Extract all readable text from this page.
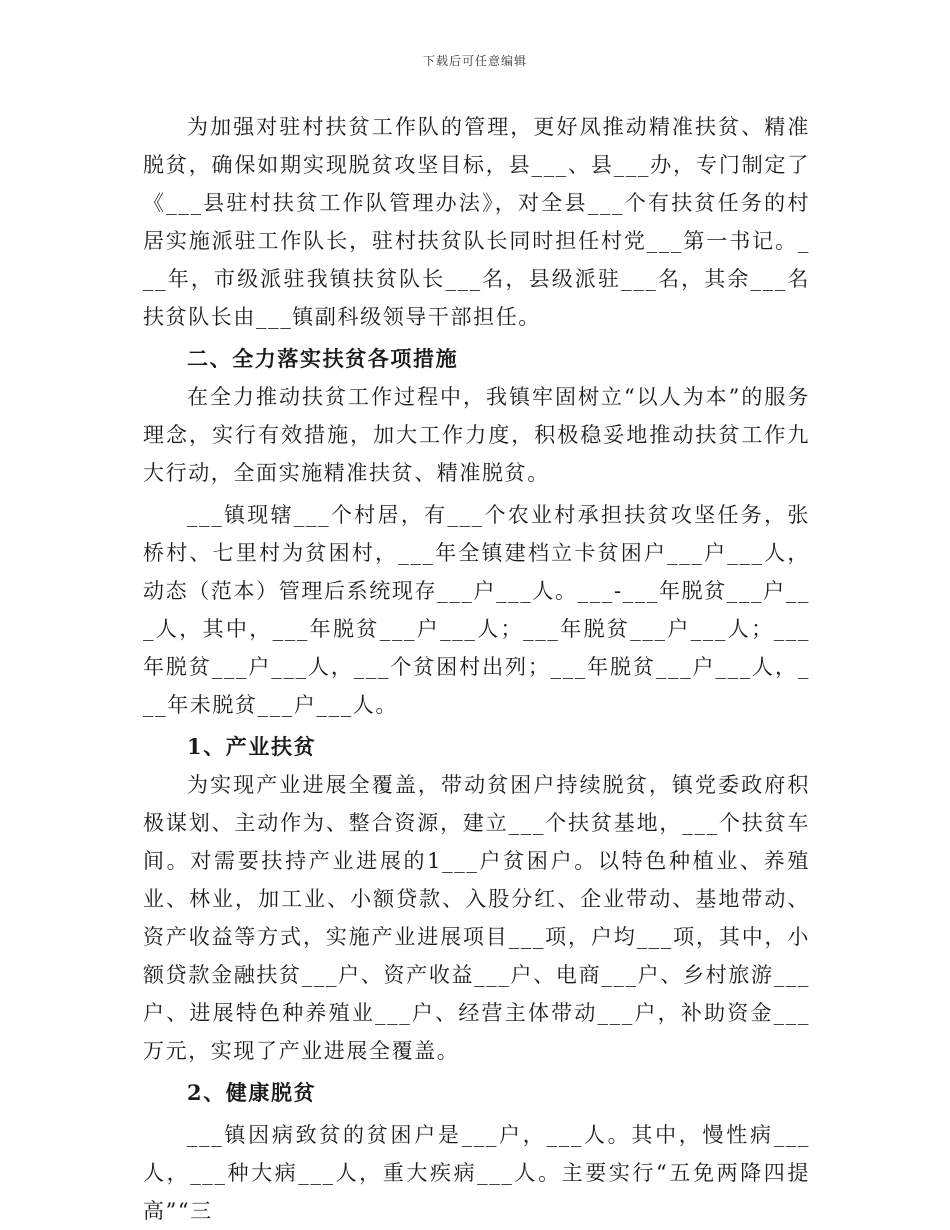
下载后可任意编辑

为加强对驻村扶贫工作队的管理，更好凤推动精准扶贫、精准脱贫，确保如期实现脱贫攻坚目标，县___、县___办，专门制定了《___县驻村扶贫工作队管理办法》，对全县___个有扶贫任务的村居实施派驻工作队长，驻村扶贫队长同时担任村党___第一书记。___年，市级派驻我镇扶贫队长___名，县级派驻___名，其余___名扶贫队长由___镇副科级领导干部担任。

二、全力落实扶贫各项措施

在全力推动扶贫工作过程中，我镇牢固树立“以人为本”的服务理念，实行有效措施，加大工作力度，积极稳妥地推动扶贫工作九大行动，全面实施精准扶贫、精准脱贫。

___镇现辖___个村居，有___个农业村承担扶贫攻坚任务，张桥村、七里村为贫困村，___年全镇建档立卡贫困户___户___人，动态（范本）管理后系统现存___户___人。___-___年脱贫___户___人，其中，___年脱贫___户___人；___年脱贫___户___人；___年脱贫___户___人，___个贫困村出列；___年脱贫___户___人，___年未脱贫___户___人。

1、产业扶贫

为实现产业进展全覆盖，带动贫困户持续脱贫，镇党委政府积极谋划、主动作为、整合资源，建立___个扶贫基地，___个扶贫车间。对需要扶持产业进展的1___户贫困户。以特色种植业、养殖业、林业，加工业、小额贷款、入股分红、企业带动、基地带动、资产收益等方式，实施产业进展项目___项，户均___项，其中，小额贷款金融扶贫___户、资产收益___户、电商___户、乡村旅游___户、进展特色种养殖业___户、经营主体带动___户，补助资金___万元，实现了产业进展全覆盖。

2、健康脱贫

___镇因病致贫的贫困户是___户，___人。其中，慢性病___人，___种大病___人，重大疾病___人。主要实行“五免两降四提高”“三
